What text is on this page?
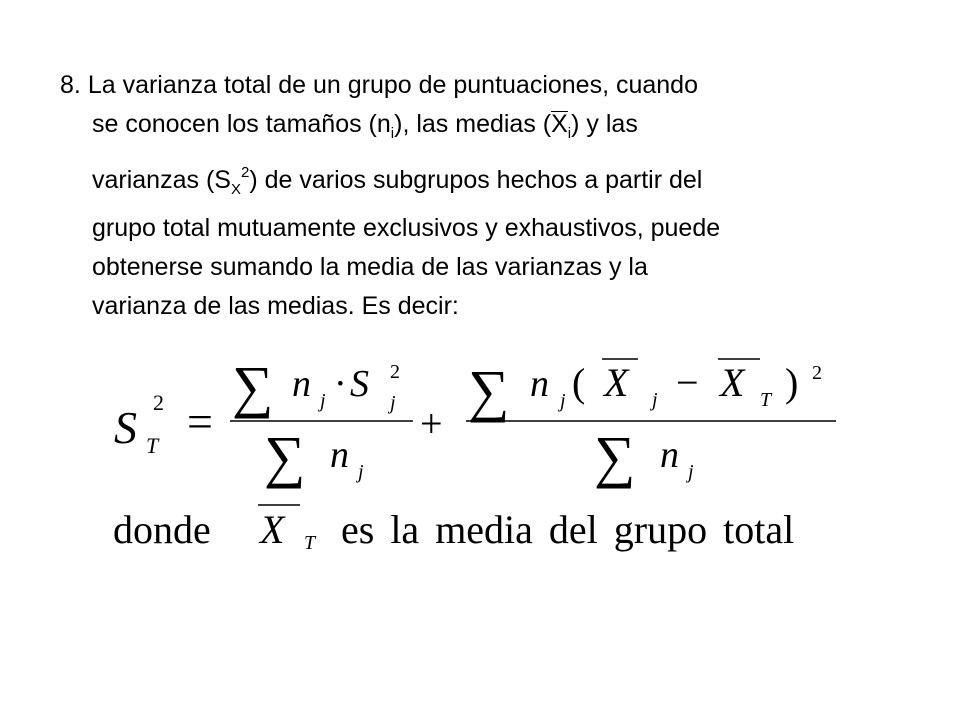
8. La varianza total de un grupo de puntuaciones, cuando
se conocen los tamaños $(n_i)$, las medias $(X_i)$ y las
varianzas $(S_X^2)$ de varios subgrupos hechos a partir del
grupo total mutuamente exclusivos y exhaustivos, puede
obtenerse sumando la media de las varianzas y la
varianza de las medias. Es decir:

S T
2 =
∑ n j · S 2
j
∑ n j
+
∑ n j ( X j − X T ) 2
∑ n j
donde X T es la media del grupo total
